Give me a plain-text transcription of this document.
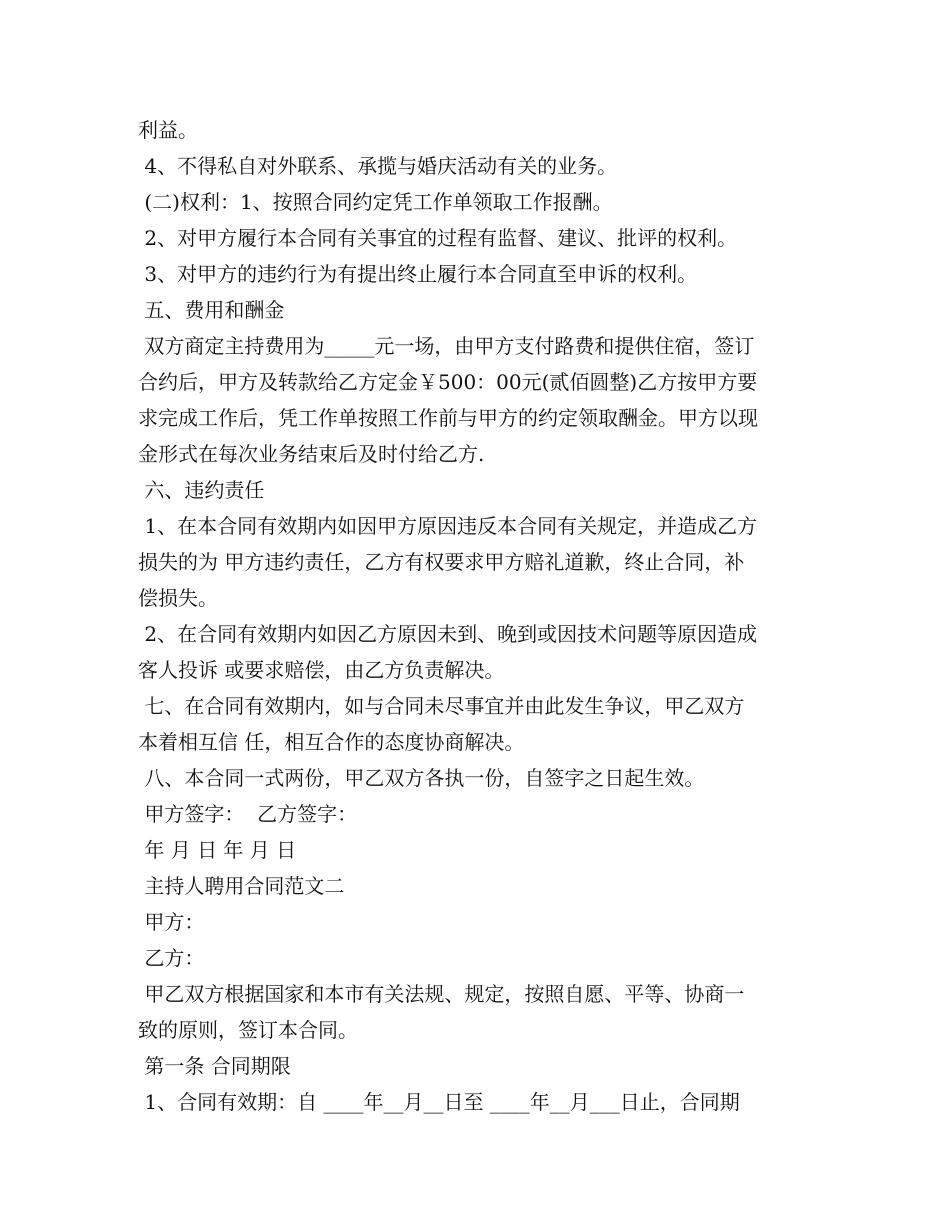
利益。
4、不得私自对外联系、承揽与婚庆活动有关的业务。
(二)权利：1、按照合同约定凭工作单领取工作报酬。
2、对甲方履行本合同有关事宜的过程有监督、建议、批评的权利。
3、对甲方的违约行为有提出终止履行本合同直至申诉的权利。
五、费用和酬金
双方商定主持费用为_____元一场，由甲方支付路费和提供住宿，签订
合约后，甲方及转款给乙方定金￥500：00元(贰佰圆整)乙方按甲方要
求完成工作后，凭工作单按照工作前与甲方的约定领取酬金。甲方以现
金形式在每次业务结束后及时付给乙方.
六、违约责任
1、在本合同有效期内如因甲方原因违反本合同有关规定，并造成乙方
损失的为 甲方违约责任，乙方有权要求甲方赔礼道歉，终止合同，补
偿损失。
2、在合同有效期内如因乙方原因未到、晚到或因技术问题等原因造成
客人投诉 或要求赔偿，由乙方负责解决。
七、在合同有效期内，如与合同未尽事宜并由此发生争议，甲乙双方
本着相互信 任，相互合作的态度协商解决。
八、本合同一式两份，甲乙双方各执一份，自签字之日起生效。
甲方签字：  乙方签字：
年 月 日 年 月 日
主持人聘用合同范文二
甲方：
乙方：
甲乙双方根据国家和本市有关法规、规定，按照自愿、平等、协商一
致的原则，签订本合同。
第一条 合同期限
1、合同有效期：自 ____年__月__日至 ____年__月___日止，合同期
